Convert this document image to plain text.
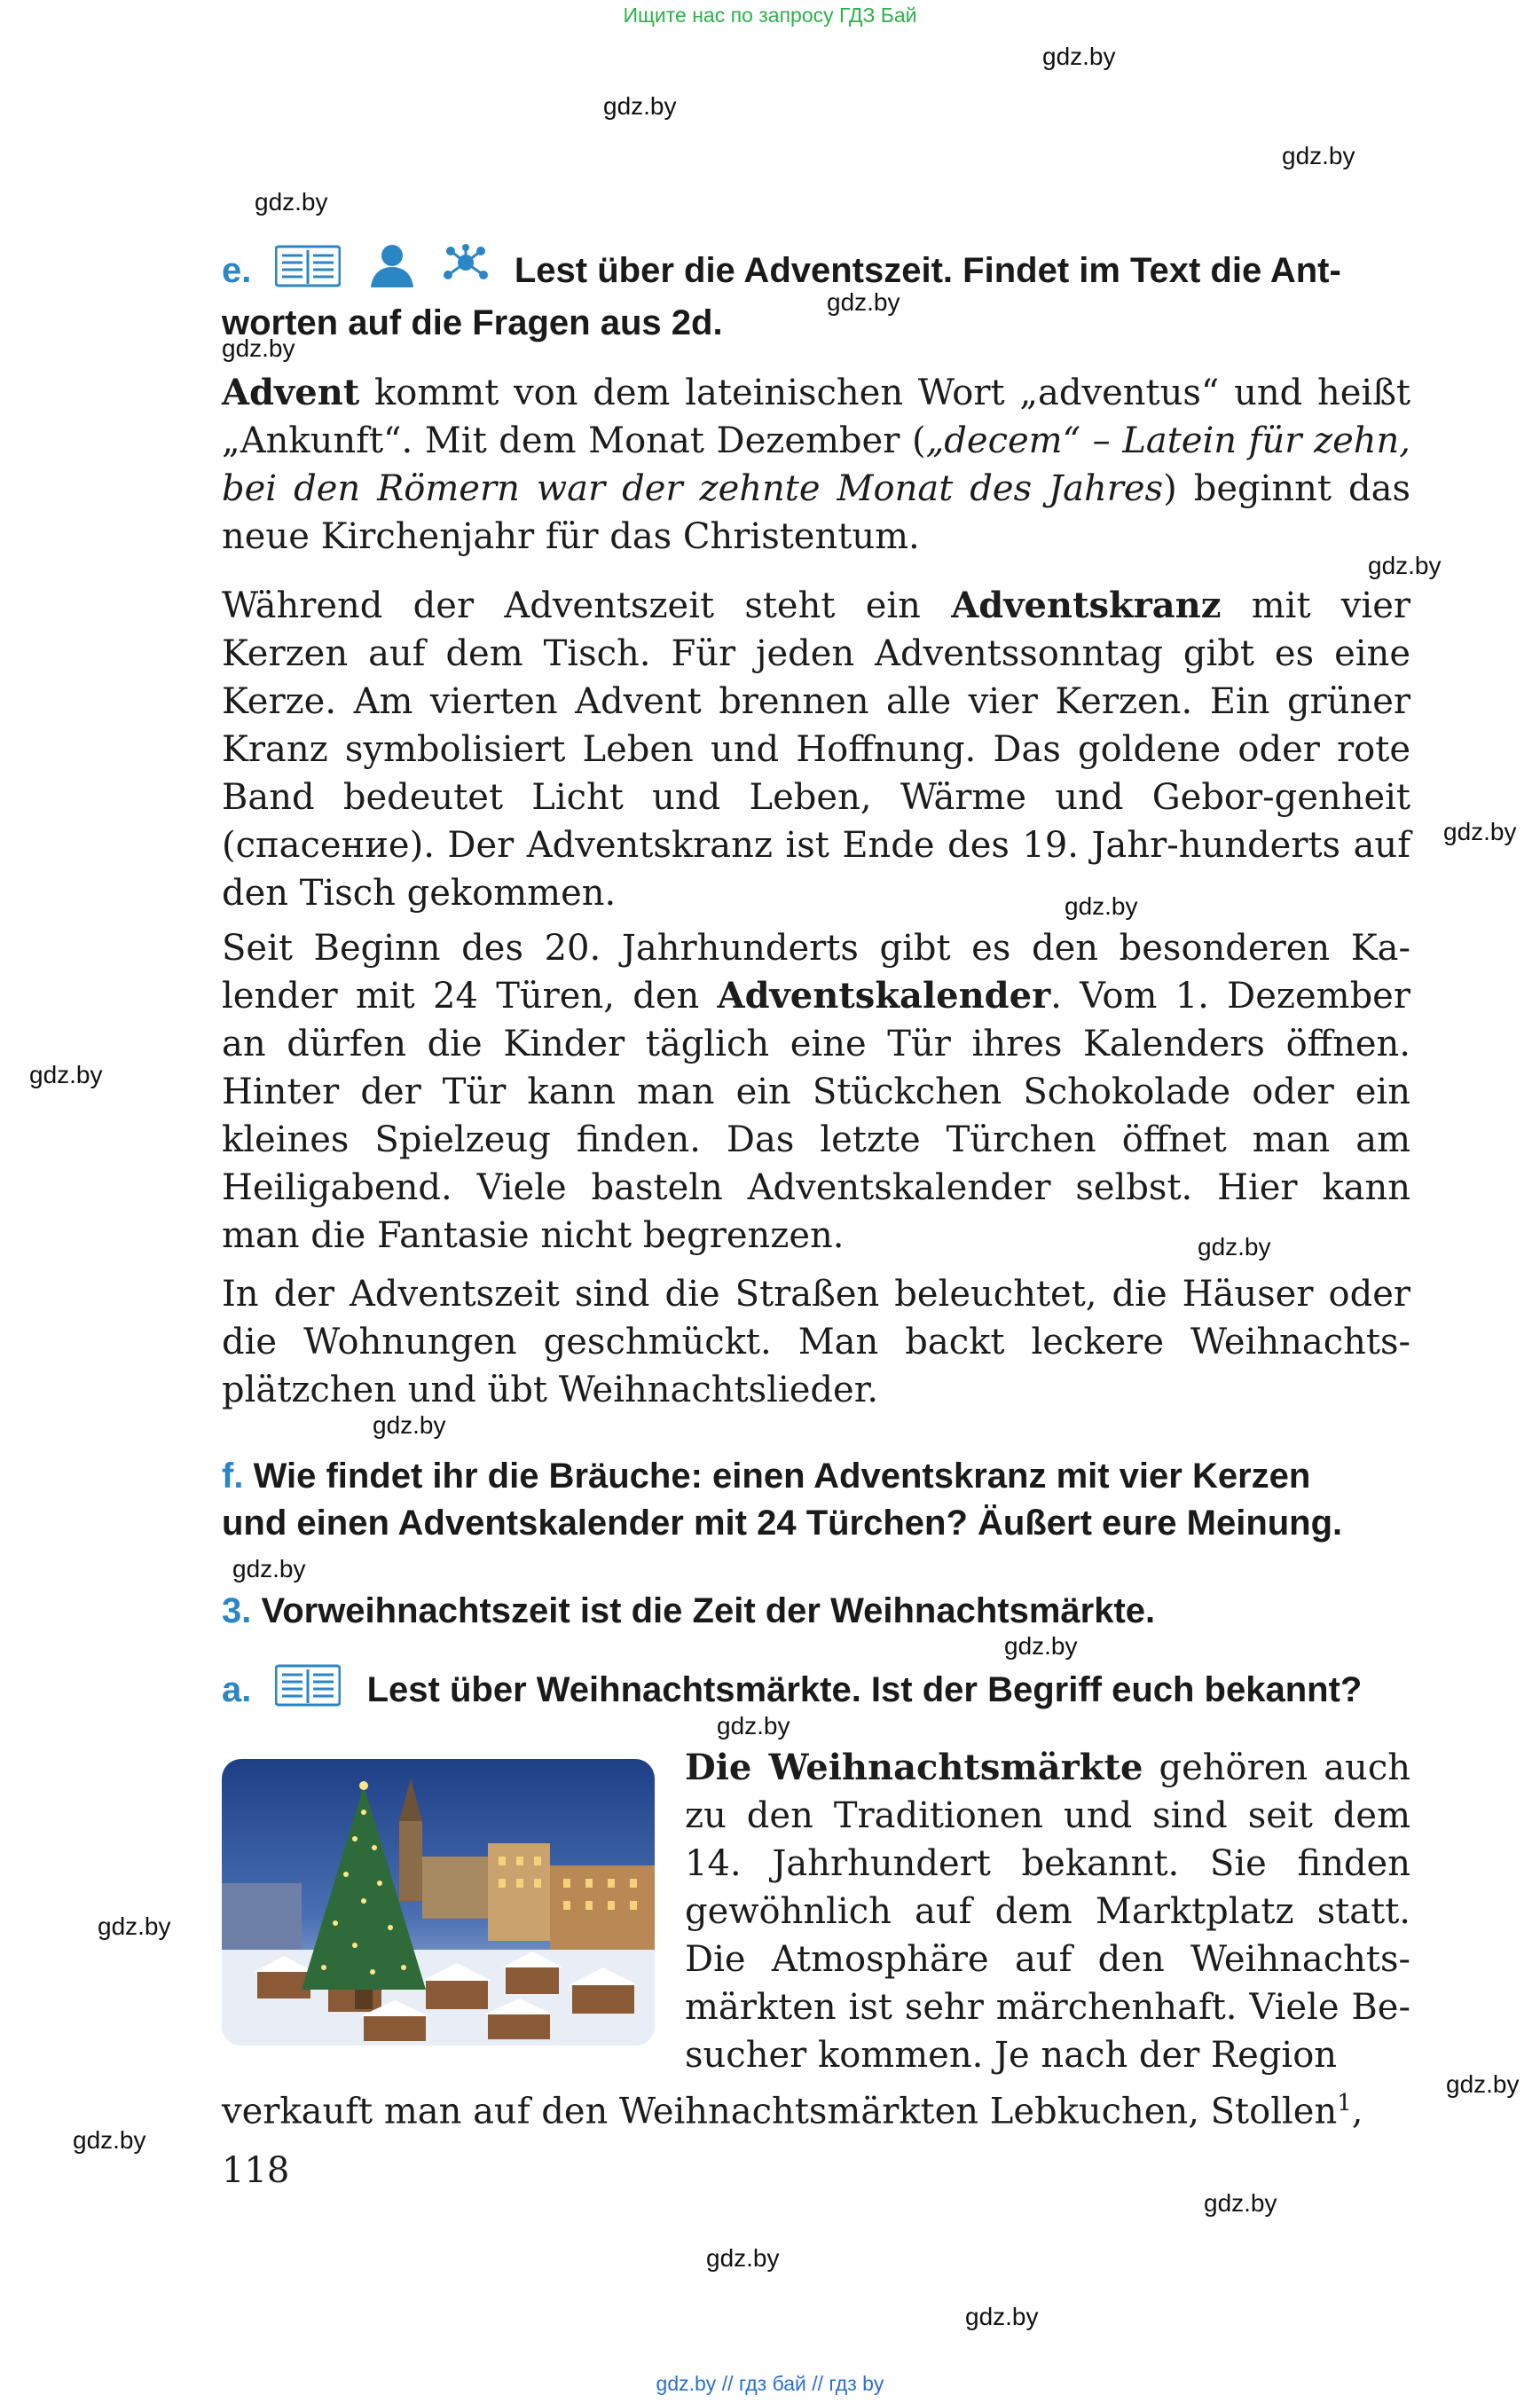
Ищите нас по запросу ГДЗ Бай
gdz.by
gdz.by
gdz.by
gdz.by
gdz.by
gdz.by
gdz.by
gdz.by
gdz.by
gdz.by
gdz.by
gdz.by
gdz.by
gdz.by
gdz.by
gdz.by
gdz.by
gdz.by
gdz.by
gdz.by
gdz.by
e.	Lest über die Adventszeit. Findet im Text die Ant-
worten auf die Fragen aus 2d.

Advent kommt von dem lateinischen Wort „adventus“ und heißt „Ankunft“. Mit dem Monat Dezember („decem“ – Latein für zehn, bei den Römern war der zehnte Monat des Jahres) beginnt das neue Kirchenjahr für das Christentum.

Während der Adventszeit steht ein Adventskranz mit vier Kerzen auf dem Tisch. Für jeden Adventssonntag gibt es eine Kerze. Am vierten Advent brennen alle vier Kerzen. Ein grüner Kranz symbolisiert Leben und Hoffnung. Das goldene oder rote Band bedeutet Licht und Leben, Wärme und Gebor-genheit (спасение). Der Adventskranz ist Ende des 19. Jahr-hunderts auf den Tisch gekommen.

Seit Beginn des 20. Jahrhunderts gibt es den besonderen Ka-lender mit 24 Türen, den Adventskalender. Vom 1. Dezember an dürfen die Kinder täglich eine Tür ihres Kalenders öffnen. Hinter der Tür kann man ein Stückchen Schokolade oder ein kleines Spielzeug finden. Das letzte Türchen öffnet man am Heiligabend. Viele basteln Adventskalender selbst. Hier kann man die Fantasie nicht begrenzen.

In der Adventszeit sind die Straßen beleuchtet, die Häuser oder die Wohnungen geschmückt. Man backt leckere Weihnachts-plätzchen und übt Weihnachtslieder.

f. Wie findet ihr die Bräuche: einen Adventskranz mit vier Kerzen
und einen Adventskalender mit 24 Türchen? Äußert eure Meinung.
3. Vorweihnachtszeit ist die Zeit der Weihnachtsmärkte.
a.	Lest über Weihnachtsmärkte. Ist der Begriff euch bekannt?

Die Weihnachtsmärkte gehören auch zu den Traditionen und sind seit dem 14. Jahrhundert bekannt. Sie finden gewöhnlich auf dem Marktplatz statt. Die Atmosphäre auf den Weihnachts-märkten ist sehr märchenhaft. Viele Be-sucher kommen. Je nach der Region

verkauft man auf den Weihnachtsmärkten Lebkuchen, Stollen$^1$,

118
gdz.by // гдз бай // гдз by
